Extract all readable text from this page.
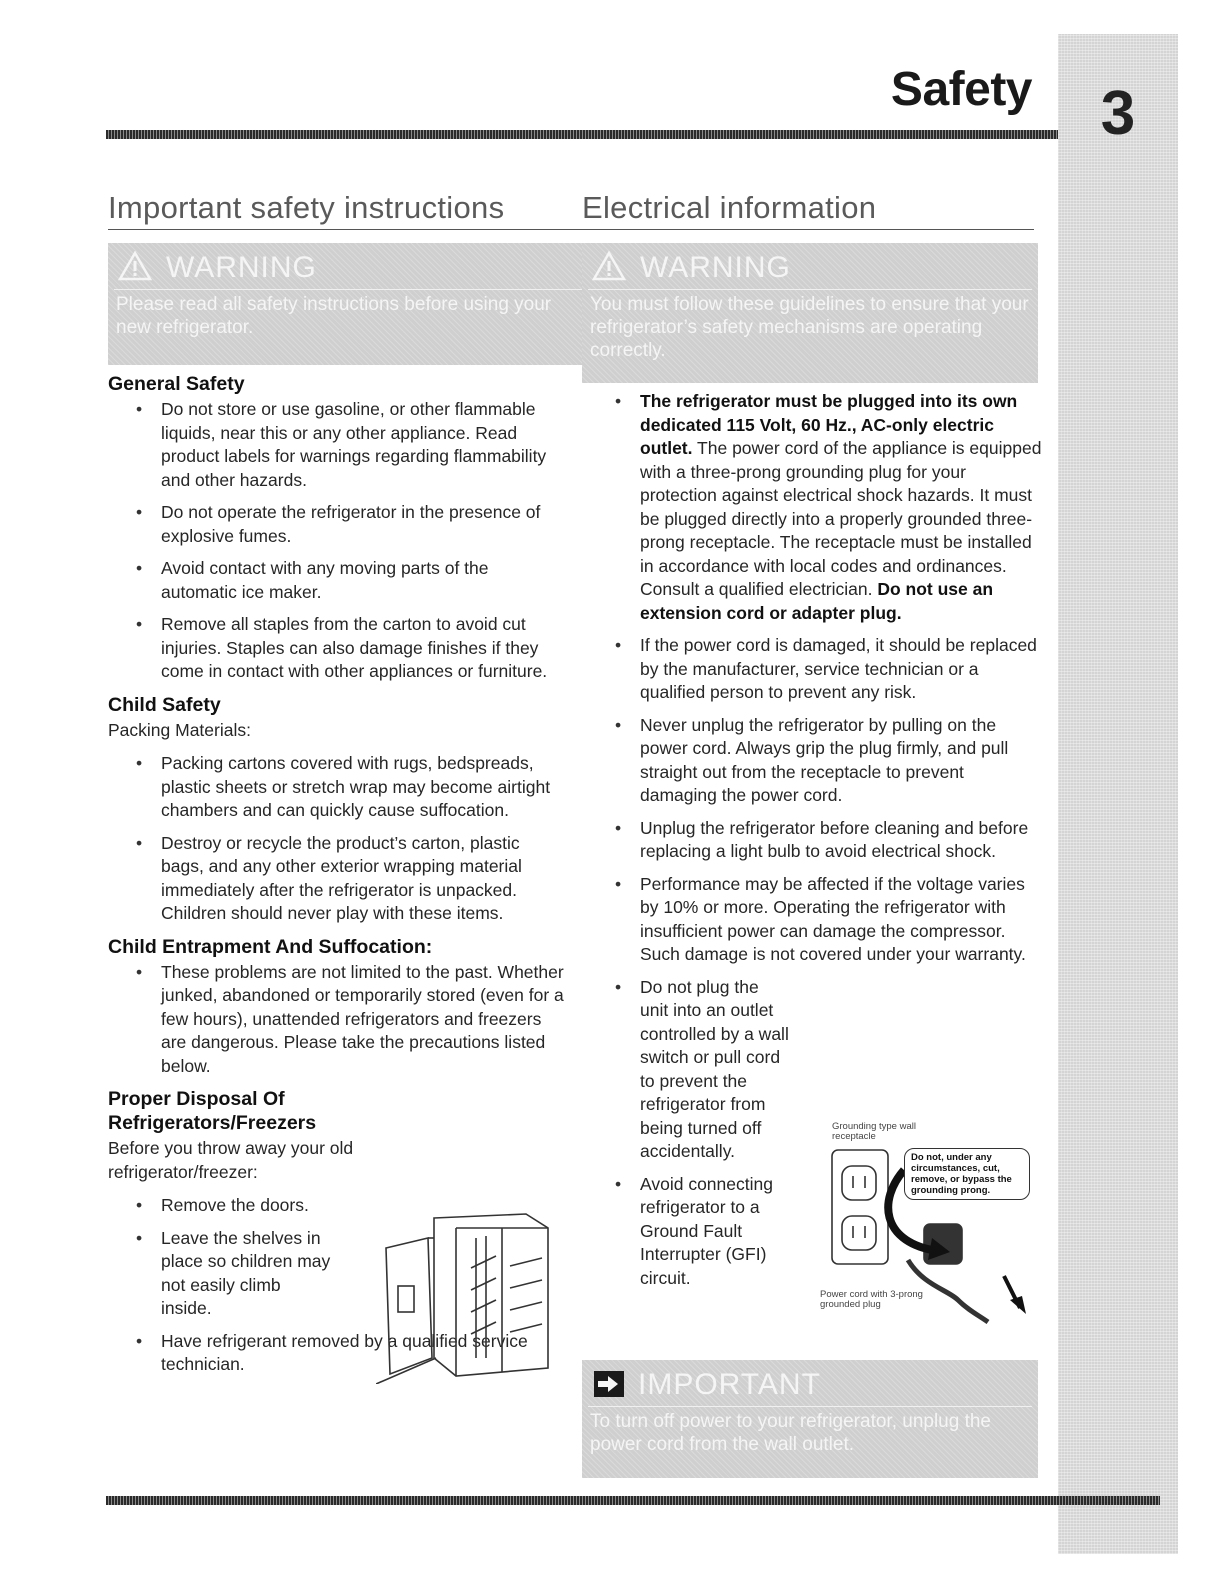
3
Safety
Important safety instructions	Electrical information
WARNING

Please read all safety instructions before using your new refrigerator.

WARNING

You must follow these guidelines to ensure that your refrigerator’s safety mechanisms are operating correctly.

General Safety
• Do not store or use gasoline, or other flammable liquids, near this or any other appliance. Read product labels for warnings regarding flammability and other hazards.
• Do not operate the refrigerator in the presence of explosive fumes.
• Avoid contact with any moving parts of the automatic ice maker.
• Remove all staples from the carton to avoid cut injuries. Staples can also damage finishes if they come in contact with other appliances or furniture.
Child Safety

Packing Materials:

• Packing cartons covered with rugs, bedspreads, plastic sheets or stretch wrap may become airtight chambers and can quickly cause suffocation.
• Destroy or recycle the product’s carton, plastic bags, and any other exterior wrapping material immediately after the refrigerator is unpacked. Children should never play with these items.
Child Entrapment And Suffocation:
• These problems are not limited to the past. Whether junked, abandoned or temporarily stored (even for a few hours), unattended refrigerators and freezers are dangerous. Please take the precautions listed below.
Proper Disposal Of Refrigerators/Freezers

Before you throw away your old refrigerator/freezer:

• Remove the doors.
• Leave the shelves in place so children may not easily climb inside.
• Have refrigerant removed by a qualified service technician.
• The refrigerator must be plugged into its own dedicated 115 Volt, 60 Hz., AC-only electric outlet. The power cord of the appliance is equipped with a three-prong grounding plug for your protection against electrical shock hazards. It must be plugged directly into a properly grounded three-prong receptacle. The receptacle must be installed in accordance with local codes and ordinances. Consult a qualified electrician. Do not use an extension cord or adapter plug.
• If the power cord is damaged, it should be replaced by the manufacturer, service technician or a qualified person to prevent any risk.
• Never unplug the refrigerator by pulling on the power cord. Always grip the plug firmly, and pull straight out from the receptacle to prevent damaging the power cord.
• Unplug the refrigerator before cleaning and before replacing a light bulb to avoid electrical shock.
• Performance may be affected if the voltage varies by 10% or more. Operating the refrigerator with insufficient power can damage the compressor. Such damage is not covered under your warranty.
• Do not plug the unit into an outlet controlled by a wall switch or pull cord to prevent the refrigerator from being turned off accidentally.
• Avoid connecting refrigerator to a Ground Fault Interrupter (GFI) circuit.
Grounding type wall receptacle
Do not, under any circumstances, cut, remove, or bypass the grounding prong.
Power cord with 3-prong grounded plug
IMPORTANT

To turn off power to your refrigerator, unplug the power cord from the wall outlet.
